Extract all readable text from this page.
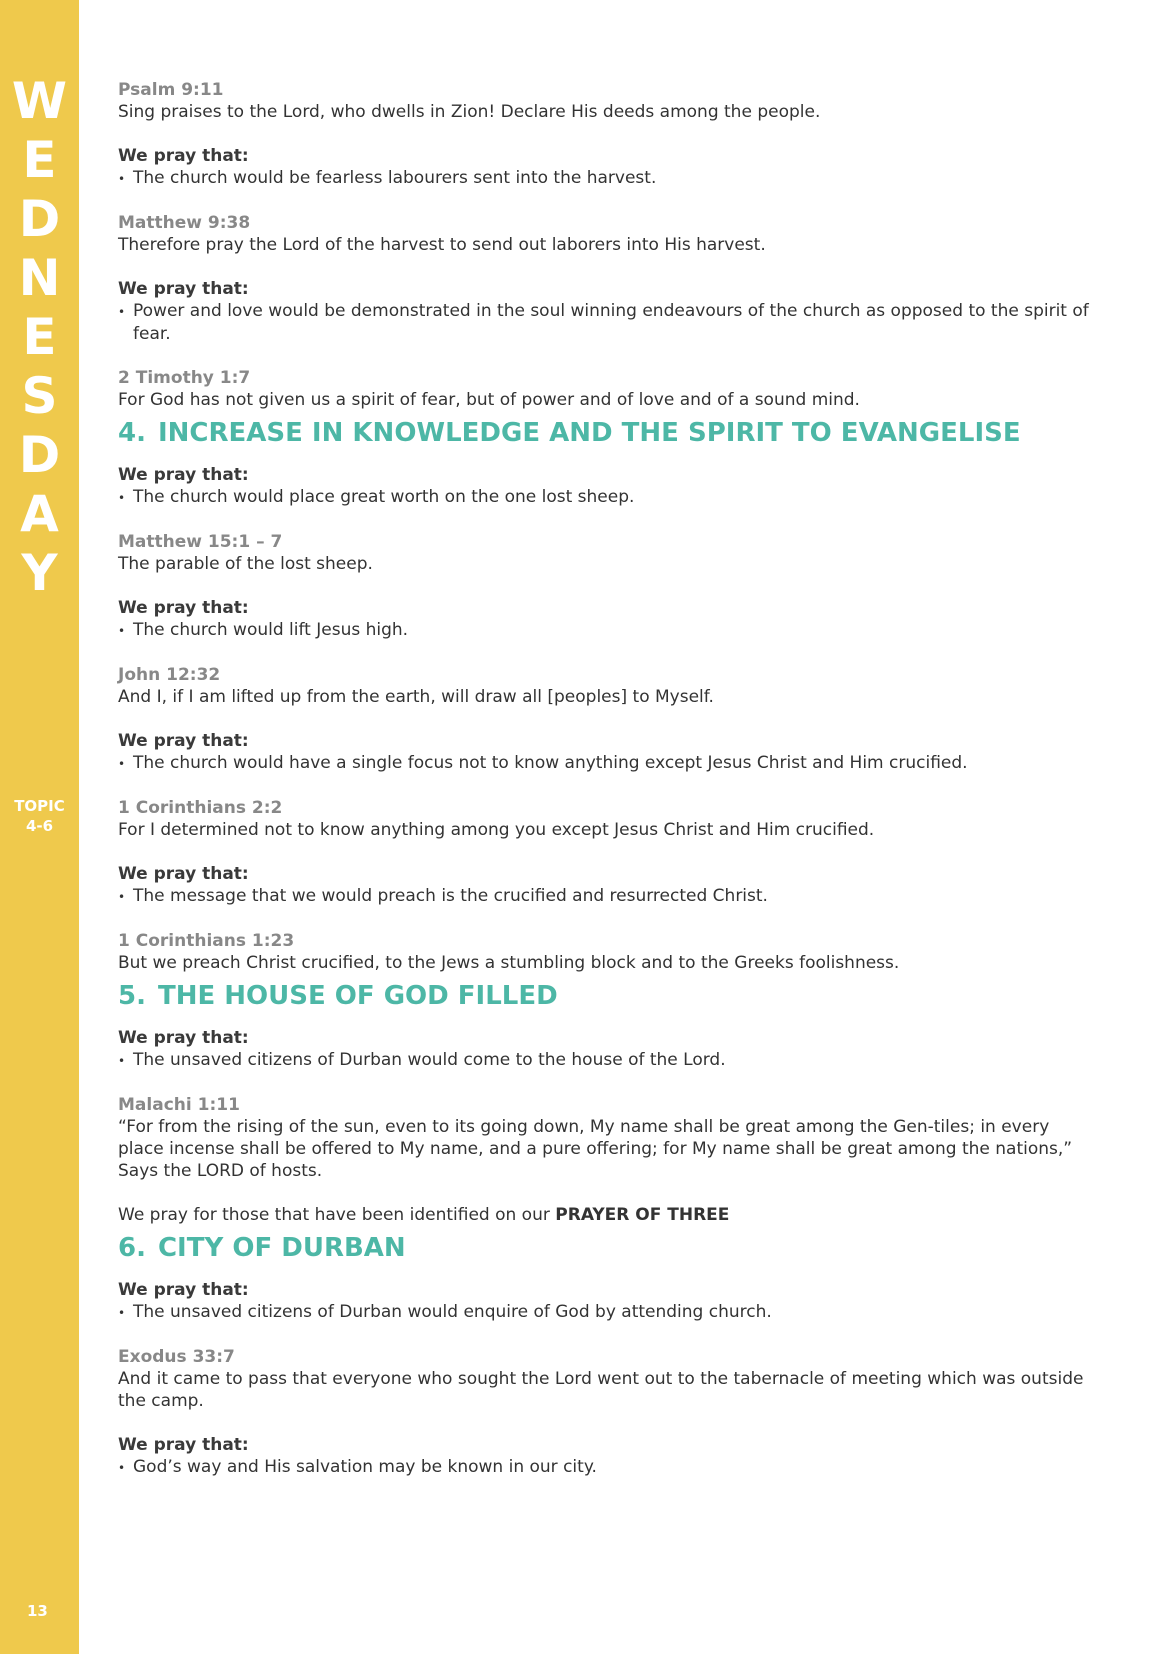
W
E
D
N
E
S
D
A
Y
TOPIC
4-6
13
Psalm 9:11
Sing praises to the Lord, who dwells in Zion! Declare His deeds among the people.
We pray that:
• The church would be fearless labourers sent into the harvest.
Matthew 9:38
Therefore pray the Lord of the harvest to send out laborers into His harvest.
We pray that:
• Power and love would be demonstrated in the soul winning endeavours of the church as opposed to the spirit of fear.
2 Timothy 1:7
For God has not given us a spirit of fear, but of power and of love and of a sound mind.
4. INCREASE IN KNOWLEDGE AND THE SPIRIT TO EVANGELISE
We pray that:
• The church would place great worth on the one lost sheep.
Matthew 15:1 – 7
The parable of the lost sheep.
We pray that:
• The church would lift Jesus high.
John 12:32
And I, if I am lifted up from the earth, will draw all [peoples] to Myself.
We pray that:
• The church would have a single focus not to know anything except Jesus Christ and Him crucified.
1 Corinthians 2:2
For I determined not to know anything among you except Jesus Christ and Him crucified.
We pray that:
• The message that we would preach is the crucified and resurrected Christ.
1 Corinthians 1:23
But we preach Christ crucified, to the Jews a stumbling block and to the Greeks foolishness.
5. THE HOUSE OF GOD FILLED
We pray that:
• The unsaved citizens of Durban would come to the house of the Lord.
Malachi 1:11
“For from the rising of the sun, even to its going down, My name shall be great among the Gen-tiles; in every place incense shall be offered to My name, and a pure offering; for My name shall be great among the nations,” Says the LORD of hosts.
We pray for those that have been identified on our PRAYER OF THREE
6. CITY OF DURBAN
We pray that:
• The unsaved citizens of Durban would enquire of God by attending church.
Exodus 33:7
And it came to pass that everyone who sought the Lord went out to the tabernacle of meeting which was outside the camp.
We pray that:
• God’s way and His salvation may be known in our city.
